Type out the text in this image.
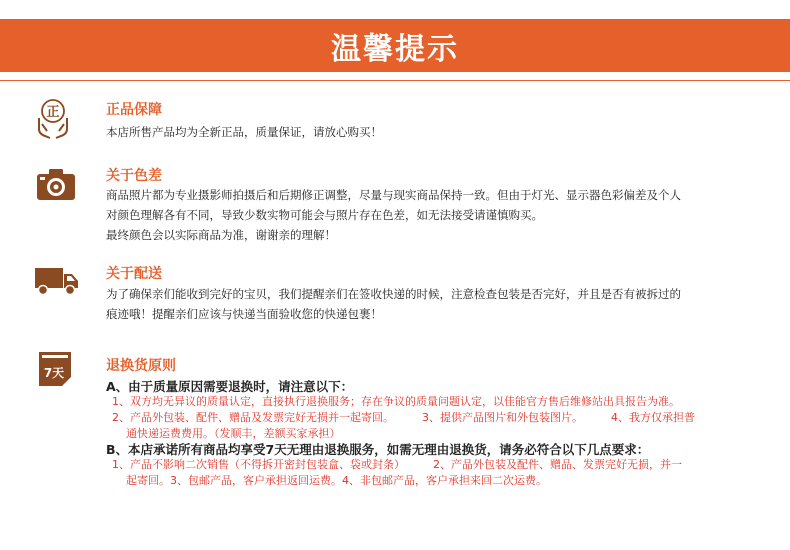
温馨提示
正	正品保障

本店所售产品均为全新正品，质量保证，请放心购买！

关于色差

商品照片都为专业摄影师拍摄后和后期修正调整，尽量与现实商品保持一致。但由于灯光、显示器色彩偏差及个人

对颜色理解各有不同，导致少数实物可能会与照片存在色差，如无法接受请谨慎购买。

最终颜色会以实际商品为准，谢谢亲的理解！

关于配送

为了确保亲们能收到完好的宝贝，我们提醒亲们在签收快递的时候，注意检查包装是否完好，并且是否有被拆过的

痕迹哦！提醒亲们应该与快递当面验收您的快递包裹！

7天	退换货原则
A、由于质量原因需要退换时，请注意以下：

1、双方均无异议的质量认定，直接执行退换服务；存在争议的质量问题认定，以佳能官方售后维修站出具报告为准。

2、产品外包装、配件、赠品及发票完好无损并一起寄回。	3、提供产品图片和外包装图片。	4、我方仅承担普

通快递运费费用。（发顺丰，差额买家承担）

B、本店承诺所有商品均享受7天无理由退换服务，如需无理由退换货，请务必符合以下几点要求：

1、产品不影响二次销售（不得拆开密封包装盒、袋或封条）	2、产品外包装及配件、赠品、发票完好无损，并一

起寄回。3、包邮产品，客户承担返回运费。4、非包邮产品，客户承担来回二次运费。
